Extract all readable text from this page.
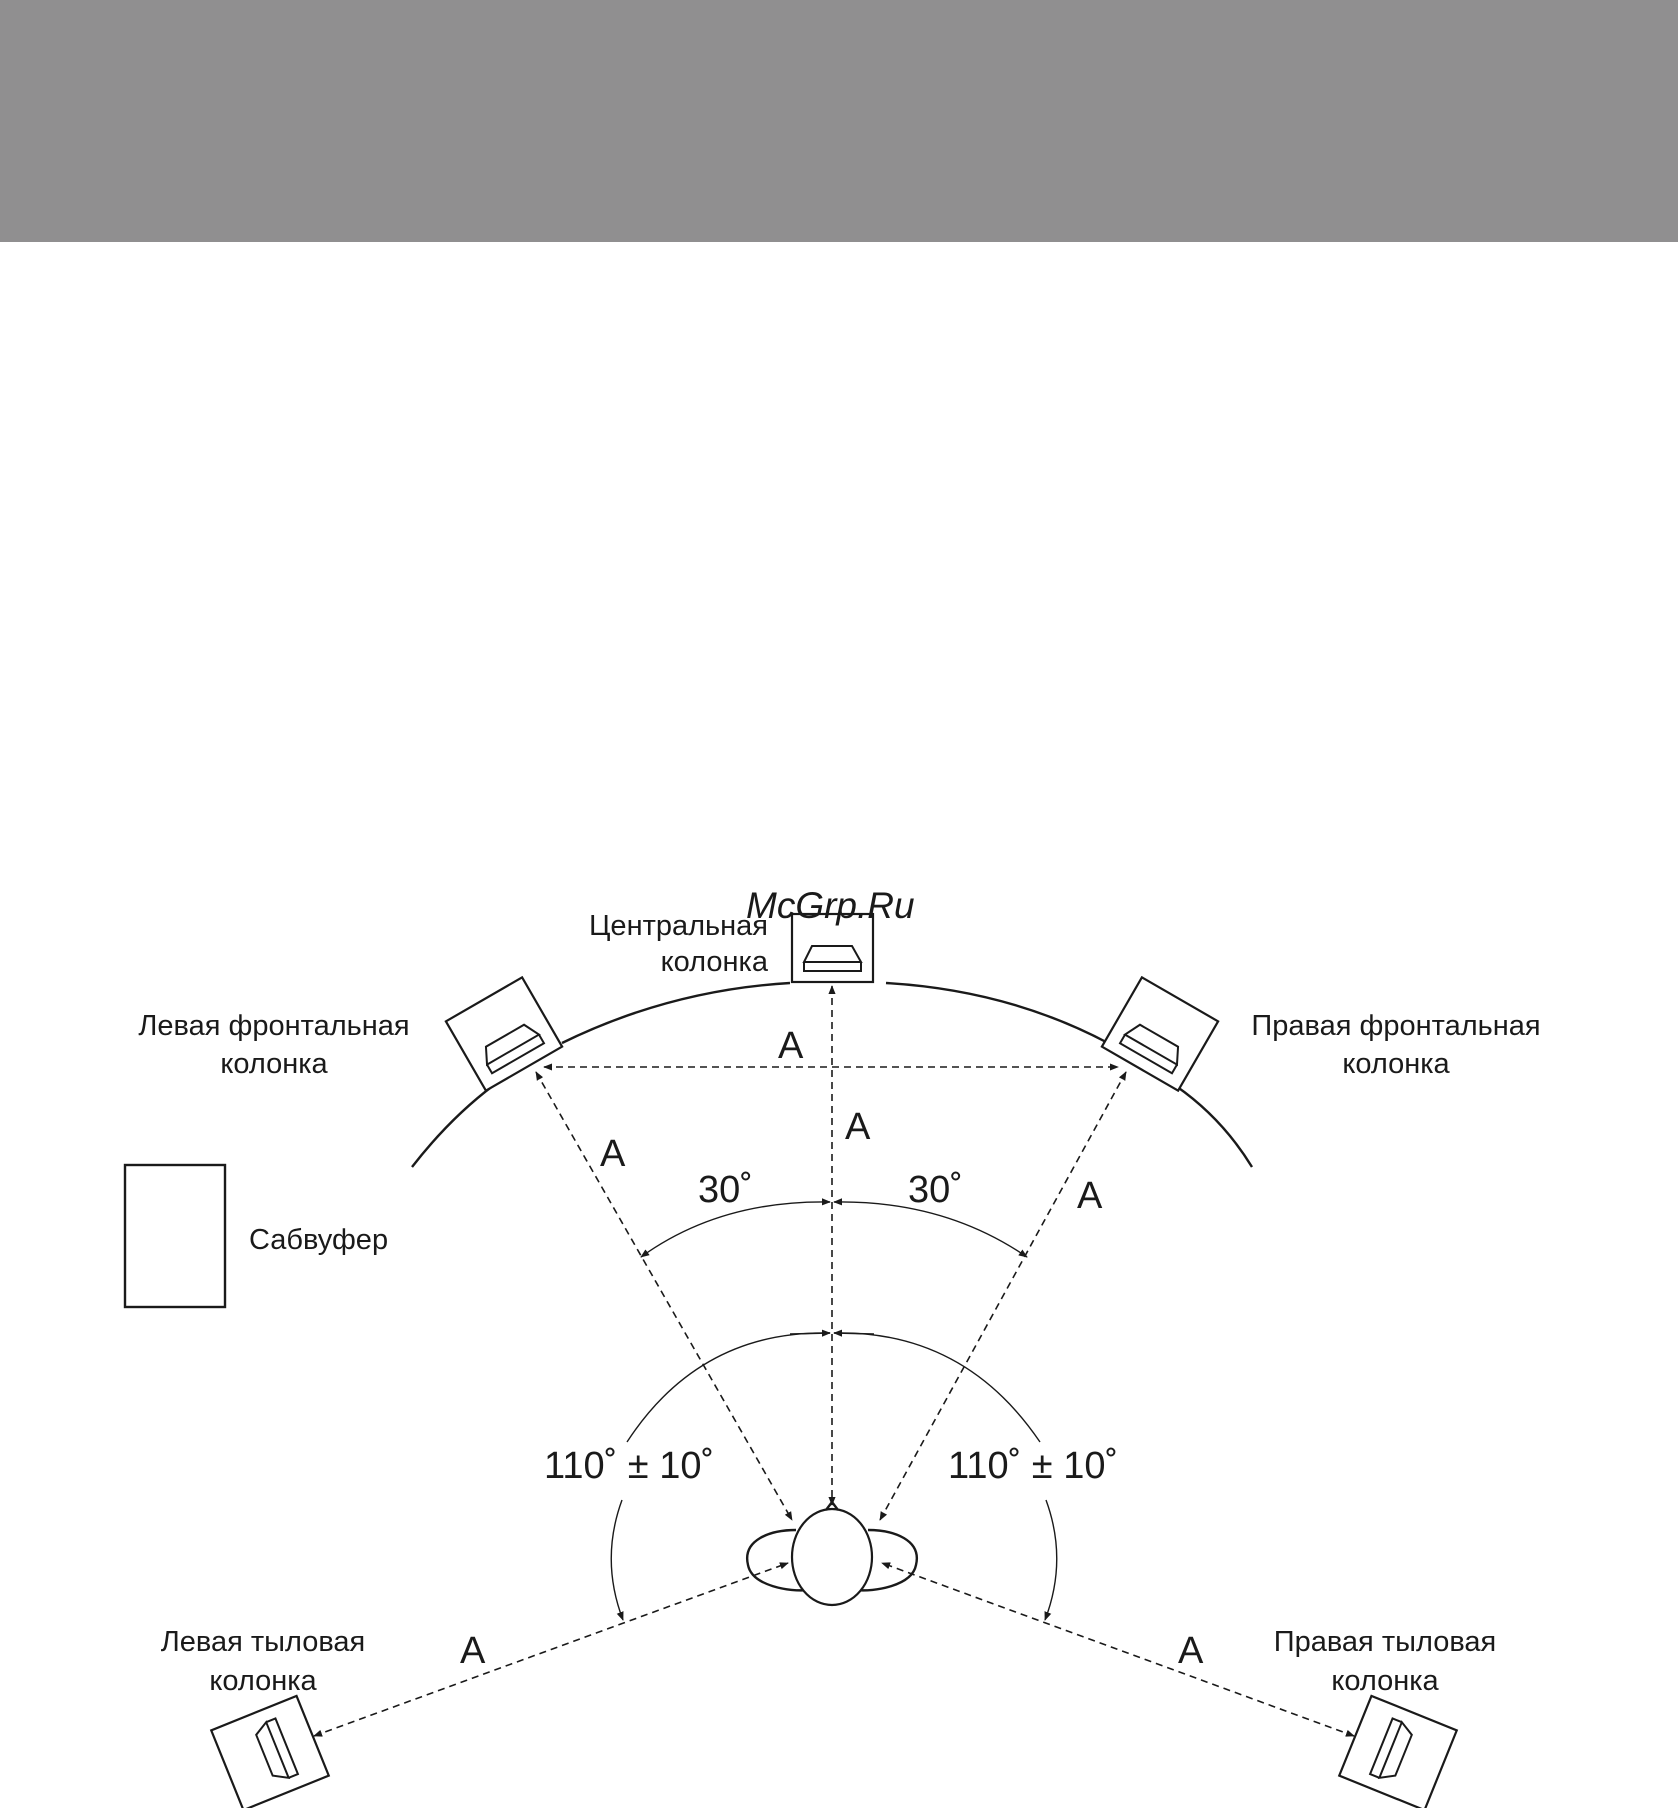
McGrp.Ru
Центральная
колонка
Левая фронтальная
колонка
Правая фронтальная
колонка
Левая тыловая
колонка
Правая тыловая
колонка
Сабвуфер
A
A
A
A
A	A
30˚	30˚
110˚ ± 10˚	110˚ ± 10˚
